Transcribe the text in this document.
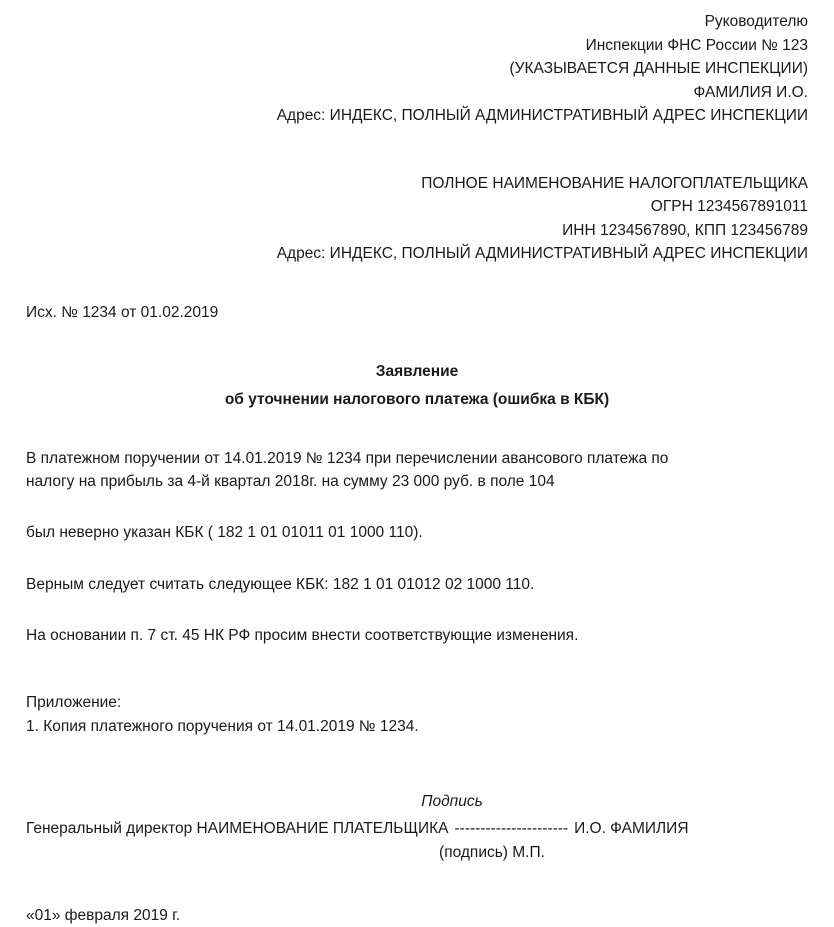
Руководителю
Инспекции ФНС России № 123
(УКАЗЫВАЕТСЯ ДАННЫЕ ИНСПЕКЦИИ)
ФАМИЛИЯ И.О.
Адрес: ИНДЕКС, ПОЛНЫЙ АДМИНИСТРАТИВНЫЙ АДРЕС ИНСПЕКЦИИ
ПОЛНОЕ НАИМЕНОВАНИЕ НАЛОГОПЛАТЕЛЬЩИКА
ОГРН 1234567891011
ИНН 1234567890, КПП 123456789
Адрес: ИНДЕКС, ПОЛНЫЙ АДМИНИСТРАТИВНЫЙ АДРЕС ИНСПЕКЦИИ
Исх. № 1234 от 01.02.2019
Заявление
об уточнении налогового платежа (ошибка в КБК)

В платежном поручении от 14.01.2019 № 1234 при перечислении авансового платежа по

налогу на прибыль за 4-й квартал 2018г. на сумму 23 000 руб. в поле 104

был неверно указан КБК ( 182 1 01 01011 01 1000 110).

Верным следует считать следующее КБК: 182 1 01 01012 02 1000 110.

На основании п. 7 ст. 45 НК РФ просим внести соответствующие изменения.

Приложение:
1. Копия платежного поручения от 14.01.2019 № 1234.
Подпись
Генеральный директор НАИМЕНОВАНИЕ ПЛАТЕЛЬЩИКА ---------------------- И.О. ФАМИЛИЯ
(подпись) М.П.
«01» февраля 2019 г.
